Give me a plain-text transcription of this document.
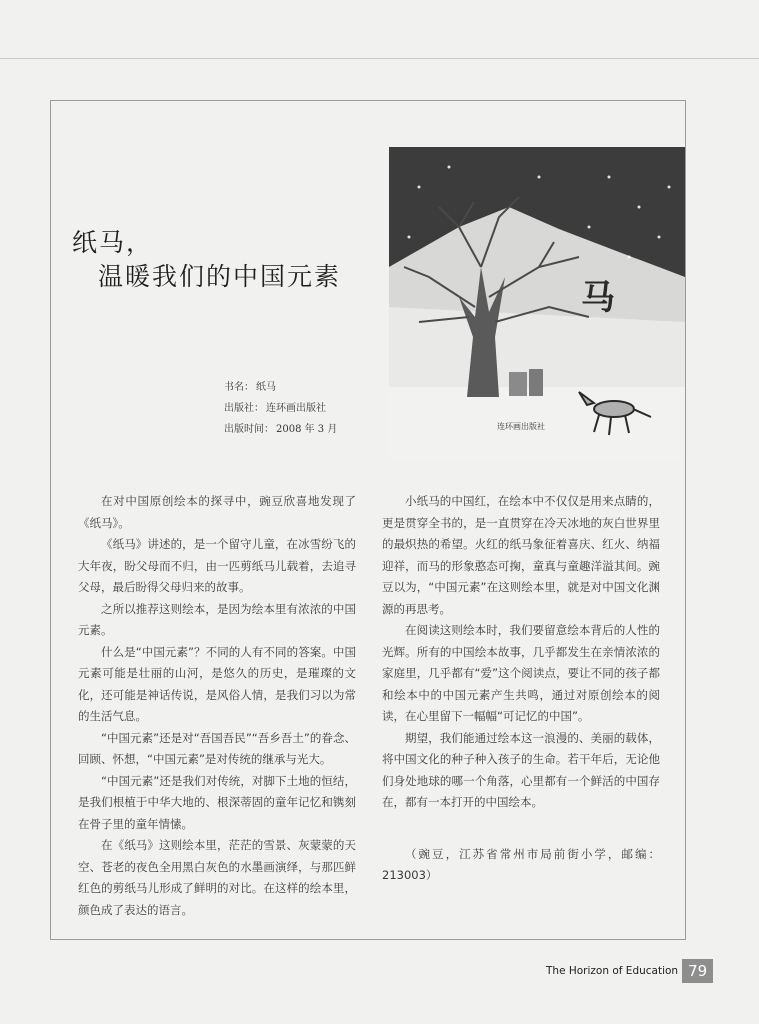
纸马，
温暖我们的中国元素
书名： 纸马
出版社： 连环画出版社
出版时间： 2008 年 3 月
马
连环画出版社

在对中国原创绘本的探寻中，豌豆欣喜地发现了《纸马》。

《纸马》讲述的，是一个留守儿童，在冰雪纷飞的大年夜，盼父母而不归，由一匹剪纸马儿载着，去追寻父母，最后盼得父母归来的故事。

之所以推荐这则绘本，是因为绘本里有浓浓的中国元素。

什么是“中国元素”？不同的人有不同的答案。中国元素可能是壮丽的山河，是悠久的历史，是璀璨的文化，还可能是神话传说，是风俗人情，是我们习以为常的生活气息。

“中国元素”还是对“吾国吾民”“吾乡吾土”的眷念、回顾、怀想，“中国元素”是对传统的继承与光大。

“中国元素”还是我们对传统，对脚下土地的恒结，是我们根植于中华大地的、根深蒂固的童年记忆和镌刻在骨子里的童年情愫。

在《纸马》这则绘本里，茫茫的雪景、灰蒙蒙的天空、苍老的夜色全用黑白灰色的水墨画演绎，与那匹鲜红色的剪纸马儿形成了鲜明的对比。在这样的绘本里，颜色成了表达的语言。

小纸马的中国红，在绘本中不仅仅是用来点睛的，更是贯穿全书的，是一直贯穿在冷天冰地的灰白世界里的最炽热的希望。火红的纸马象征着喜庆、红火、纳福迎祥，而马的形象憨态可掬，童真与童趣洋溢其间。豌豆以为，“中国元素”在这则绘本里，就是对中国文化渊源的再思考。

在阅读这则绘本时，我们要留意绘本背后的人性的光辉。所有的中国绘本故事，几乎都发生在亲情浓浓的家庭里，几乎都有“爱”这个阅读点，要让不同的孩子都和绘本中的中国元素产生共鸣，通过对原创绘本的阅读，在心里留下一幅幅“可记忆的中国”。

期望，我们能通过绘本这一浪漫的、美丽的载体，将中国文化的种子种入孩子的生命。若干年后，无论他们身处地球的哪一个角落，心里都有一个鲜活的中国存在，都有一本打开的中国绘本。

（豌豆，江苏省常州市局前街小学，邮编：213003）

The Horizon of Education 79
